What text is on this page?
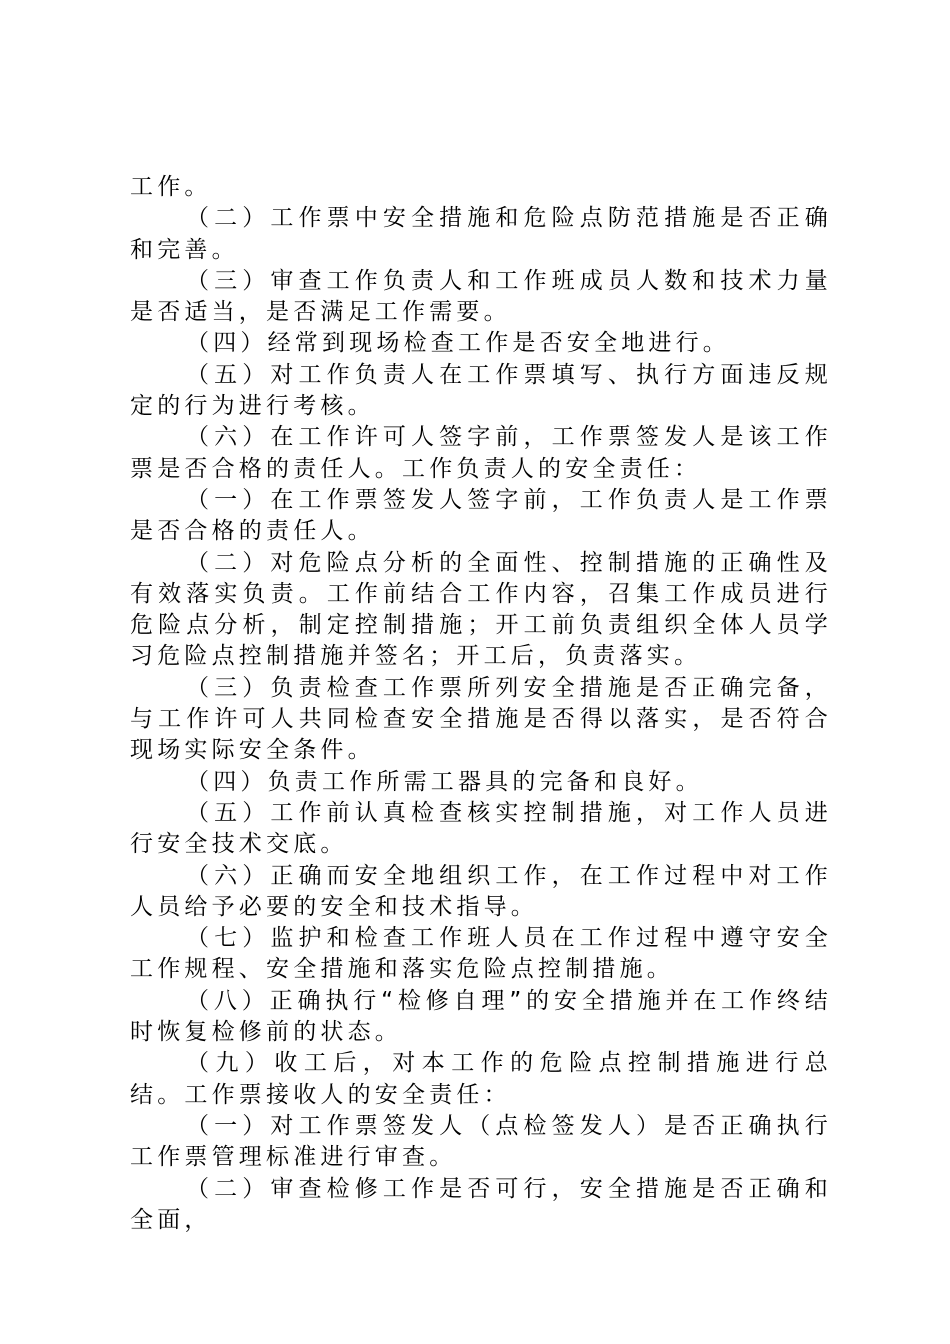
工作。

（二）工作票中安全措施和危险点防范措施是否正确和完善。

（三）审查工作负责人和工作班成员人数和技术力量是否适当，是否满足工作需要。

（四）经常到现场检查工作是否安全地进行。

（五）对工作负责人在工作票填写、执行方面违反规定的行为进行考核。

（六）在工作许可人签字前，工作票签发人是该工作票是否合格的责任人。工作负责人的安全责任：

（一）在工作票签发人签字前，工作负责人是工作票是否合格的责任人。

（二）对危险点分析的全面性、控制措施的正确性及有效落实负责。工作前结合工作内容，召集工作成员进行危险点分析，制定控制措施；开工前负责组织全体人员学习危险点控制措施并签名；开工后，负责落实。

（三）负责检查工作票所列安全措施是否正确完备，与工作许可人共同检查安全措施是否得以落实，是否符合现场实际安全条件。

（四）负责工作所需工器具的完备和良好。

（五）工作前认真检查核实控制措施，对工作人员进行安全技术交底。

（六）正确而安全地组织工作，在工作过程中对工作人员给予必要的安全和技术指导。

（七）监护和检查工作班人员在工作过程中遵守安全工作规程、安全措施和落实危险点控制措施。

（八）正确执行“检修自理”的安全措施并在工作终结时恢复检修前的状态。

（九）收工后，对本工作的危险点控制措施进行总结。工作票接收人的安全责任：

（一）对工作票签发人（点检签发人）是否正确执行工作票管理标准进行审查。

（二）审查检修工作是否可行，安全措施是否正确和全面，
